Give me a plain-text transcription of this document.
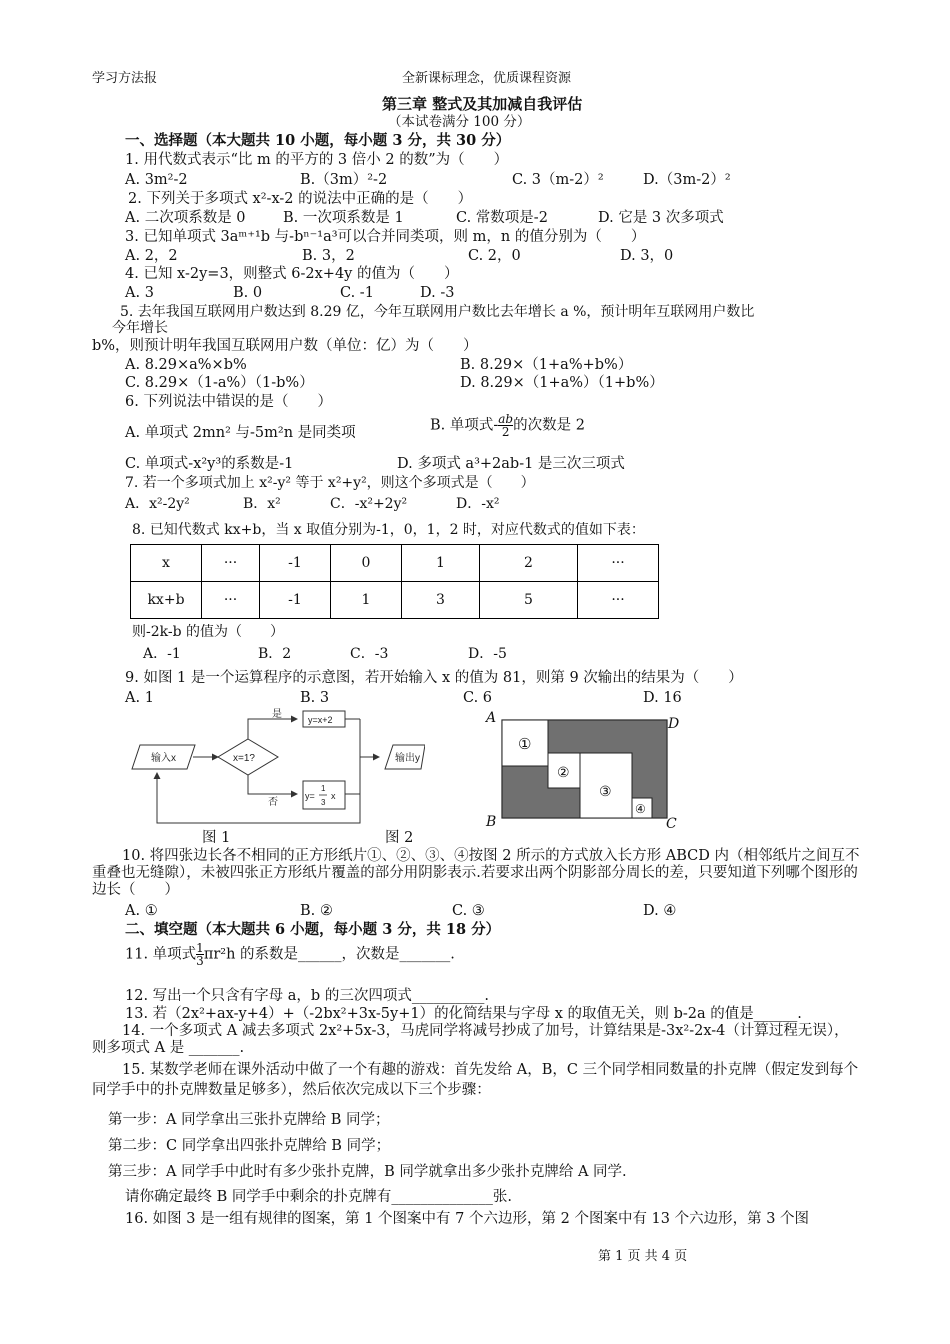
学习方法报	全新课标理念，优质课程资源
第三章 整式及其加减自我评估
（本试卷满分 100 分）
一、选择题（本大题共 10 小题，每小题 3 分，共 30 分）
1. 用代数式表示“比 m 的平方的 3 倍小 2 的数”为（　　）
A. 3m²-2	B.（3m）²-2	C. 3（m-2）²	D.（3m-2）²
2. 下列关于多项式 x²-x-2 的说法中正确的是（　　）
A. 二次项系数是 0	B. 一次项系数是 1	C. 常数项是-2	D. 它是 3 次多项式
3. 已知单项式 3aᵐ⁺¹b 与-bⁿ⁻¹a³可以合并同类项，则 m，n 的值分别为（　　）
A. 2，2	B. 3，2	C. 2，0	D. 3，0
4. 已知 x-2y=3，则整式 6-2x+4y 的值为（　　）
A. 3	B. 0	C. -1	D. -3
5. 去年我国互联网用户数达到 8.29 亿，今年互联网用户数比去年增长 a %，预计明年互联网用户数比
今年增长
b%，则预计明年我国互联网用户数（单位：亿）为（　　）
A. 8.29×a%×b%	B. 8.29×（1+a%+b%）
C. 8.29×（1-a%）（1-b%）	D. 8.29×（1+a%）（1+b%）
6. 下列说法中错误的是（　　）
A. 单项式 2mn² 与-5m²n 是同类项	B. 单项式- $\frac{ab}{2}$ 的次数是 2
C. 单项式-x²y³的系数是-1	D. 多项式 a³+2ab-1 是三次三项式
7. 若一个多项式加上 x²-y² 等于 x²+y²，则这个多项式是（　　）
A．x²-2y²	B．x²	C．-x²+2y²	D．-x²
8. 已知代数式 kx+b，当 x 取值分别为-1，0，1，2 时，对应代数式的值如下表：
x	···	-1	0	1	2	···
kx+b	···	-1	1	3	5	···
则-2k-b 的值为（　　）
A．-1	B．2	C．-3	D．-5
9. 如图 1 是一个运算程序的示意图，若开始输入 x 的值为 81，则第 9 次输出的结果为（　　）
A. 1	B. 3	C. 6	D. 16
输入x	x=1?
是
否
y=x+2
y=
1
3
x
输出y
图 1
A
B	C
D
①
②
③
④
图 2
10. 将四张边长各不相同的正方形纸片①、②、③、④按图 2 所示的方式放入长方形 ABCD 内（相邻纸片之间互不重叠也无缝隙），未被四张正方形纸片覆盖的部分用阴影表示.若要求出两个阴影部分周长的差，只要知道下列哪个图形的边长（　　）
A. ①	B. ②	C. ③	D. ④
二、填空题（本大题共 6 小题，每小题 3 分，共 18 分）
11. 单项式 $\frac{1}{3} \pi r^2h$ 的系数是______，次数是_______.
12. 写出一个只含有字母 a，b 的三次四项式__________.
13. 若（2x²+ax-y+4）+（-2bx²+3x-5y+1）的化简结果与字母 x 的取值无关，则 b-2a 的值是______.
14. 一个多项式 A 减去多项式 2x²+5x-3，马虎同学将减号抄成了加号，计算结果是-3x²-2x-4（计算过程无误），则多项式 A 是 _______.
15. 某数学老师在课外活动中做了一个有趣的游戏：首先发给 A，B，C 三个同学相同数量的扑克牌（假定发到每个同学手中的扑克牌数量足够多），然后依次完成以下三个步骤：
第一步：A 同学拿出三张扑克牌给 B 同学；
第二步：C 同学拿出四张扑克牌给 B 同学；
第三步：A 同学手中此时有多少张扑克牌，B 同学就拿出多少张扑克牌给 A 同学.
请你确定最终 B 同学手中剩余的扑克牌有______________张.
16. 如图 3 是一组有规律的图案，第 1 个图案中有 7 个六边形，第 2 个图案中有 13 个六边形，第 3 个图
第 1 页 共 4 页
